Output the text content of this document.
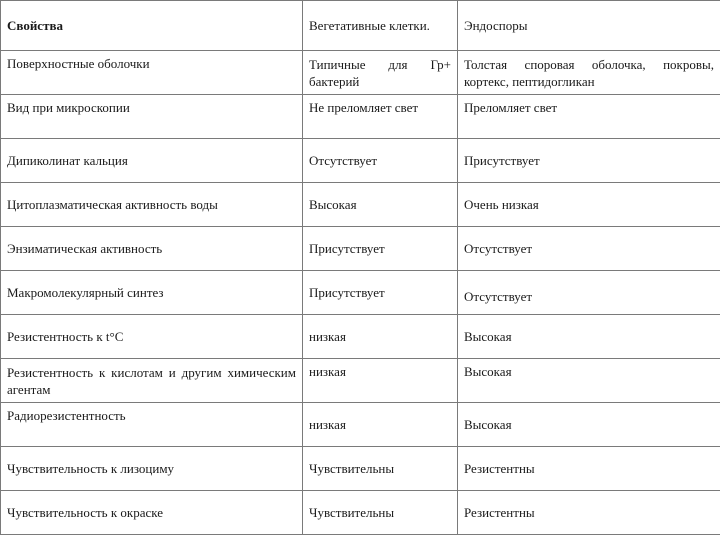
Свойства	Вегетативные клетки.	Эндоспоры
Поверхностные оболочки	Типичные для Гр+ бактерий	Толстая споровая оболочка, покровы, кортекс, пептидогликан
Вид при микроскопии	Не преломляет свет	Преломляет свет
Дипиколинат кальция	Отсутствует	Присутствует
Цитоплазматическая активность воды	Высокая	Очень низкая
Энзиматическая активность	Присутствует	Отсутствует
Макромолекулярный синтез	Присутствует	Отсутствует
Резистентность к t°С	низкая	Высокая
Резистентность к кислотам и другим химическим агентам	низкая	Высокая
Радиорезистентность	низкая	Высокая
Чувствительность к лизоциму	Чувствительны	Резистентны
Чувствительность к окраске	Чувствительны	Резистентны
